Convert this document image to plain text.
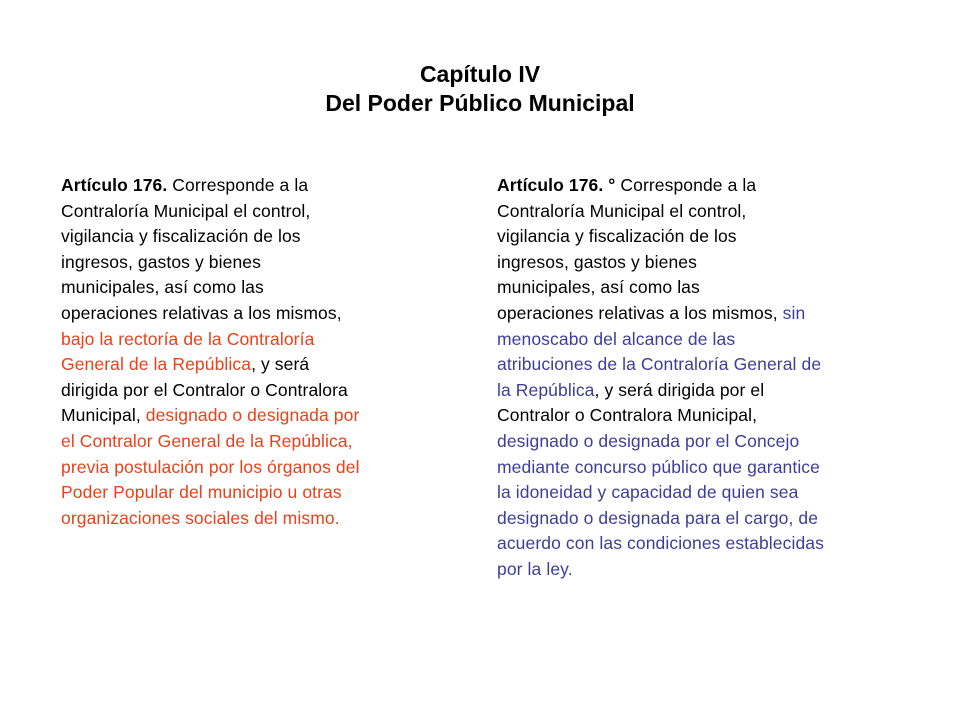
Capítulo IV
Del Poder Público Municipal
Artículo 176. Corresponde a la
Contraloría Municipal el control,
vigilancia y fiscalización de los
ingresos, gastos y bienes
municipales, así como las
operaciones relativas a los mismos,
bajo la rectoría de la Contraloría
General de la República, y será
dirigida por el Contralor o Contralora
Municipal, designado o designada por
el Contralor General de la República,
previa postulación por los órganos del
Poder Popular del municipio u otras
organizaciones sociales del mismo.
Artículo 176. ° Corresponde a la
Contraloría Municipal el control,
vigilancia y fiscalización de los
ingresos, gastos y bienes
municipales, así como las
operaciones relativas a los mismos, sin
menoscabo del alcance de las
atribuciones de la Contraloría General de
la República, y será dirigida por el
Contralor o Contralora Municipal,
designado o designada por el Concejo
mediante concurso público que garantice
la idoneidad y capacidad de quien sea
designado o designada para el cargo, de
acuerdo con las condiciones establecidas
por la ley.
